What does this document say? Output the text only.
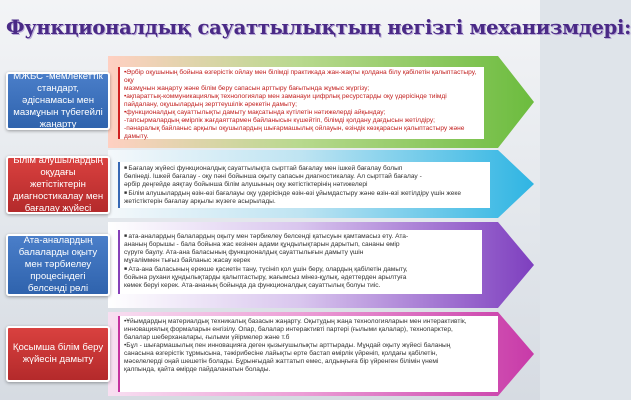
Функционалдық сауаттылықтың негізгі механизмдері:
МЖБС -мемлекеттік стандарт, әдіснамасы мен мазмұнын түбегейлі жаңарту
•Әрбір оқушының бойына өзгерістік ойлау мен білімді практикада жан-жақты қолдана білу қабілетін қалыптастыру, оқу
мазмұнын жаңарту және білім беру сапасын арттыру бағытында жұмыс жүргізу;
•ақпараттық-коммуникациялық технологиялар мен заманауи цифрлық ресурстарды оқу үдерісінде тиімді
пайдалану, оқушылардың зерттеушілік әрекетін дамыту;
•функционалдық сауаттылықты дамыту мақсатында күтілетін нәтижелерді айқындау;
-тапсырмалардың өмірлік жағдаяттармен байланысын күшейтіп, білімді қолдану дағдысын жетілдіру;
-пәнаралық байланыс арқылы оқушылардың шығармашылық ойлауын, өзіндік көзқарасын қалыптастыру және дамыту.
Білім алушылардың оқудағы жетістіктерін диагностикалау мен бағалау жүйесі
■ Бағалау жүйесі функционалдық сауаттылықта сырттай бағалау мен ішкей бағалау болып
бөлінеді. Ішкей бағалау - оқу пәні бойынша оқыту сапасын диагностикалау. Ал сырттай бағалау -
әрбір деңгейде аяқтау бойынша білім алушының оқу жетістіктерінің нәтижелері
■ Білім алушылардың өзін-өзі бағалауы оқу үдерісінде өзін-өзі ұйымдастыру және өзін-өзі жетілдіру үшін жеке
жетістіктерін бағалау арқылы жүзеге асырылады.
Ата-аналардың балаларды оқыту мен тәрбиелеу процесіндегі белсенді рөлі
■ ата-аналардың балалардың оқыту мен тәрбиелеу белсенді қатысуын қамтамасыз ету. Ата-
ананың борышы - бала бойына жас кезінен адами құндылықтарын дарытып, сананы өмір
сүруге баулу. Ата-ана баласының функционалдық сауаттылығын дамыту үшін
мұғаліммен тығыз байланыс жасау керек
■ Ата-ана баласының ерекше қасиетін тану, түсініп қол ұшін беру, олардың қабілетін дамыту,
бойына рухани құндылықтарды қалыптастыру, жағымсыз мінез-құлық, әдеттерден арылтуға
көмек беруі керек. Ата-ананың бойында да функционалдық сауаттылық болуы тиіс.
Қосымша білім беру жүйесін дамыту
•Ұйымдардың материалдық техникалық базасын жаңарту. Оқытудың жаңа технологияларын мен интерактивтік,
инновациялық формаларын енгізілу. Опар, балалар интерактивті партерi (ғылыми қалалар), технопарктер,
балалар шеберханалары, ғылыми үйірмелер және т.б
•Бұл - шығармашылық пен инновацияға деген қызығушылықты арттырады. Мұндай оқыту жүйесі баланың
санасына өзгерістік тұрмысына, тәжірибесіне лайықты ерте бастап өмірлік үйреніп, қолдағы қабілетін,
мәселелерді оңай шешетін болады. Бұрынғыдай жаттатып емес, алдыңғыға бір үйренген білімін үнемі
қалпында, қайта өмірде пайдаланатын болады.
